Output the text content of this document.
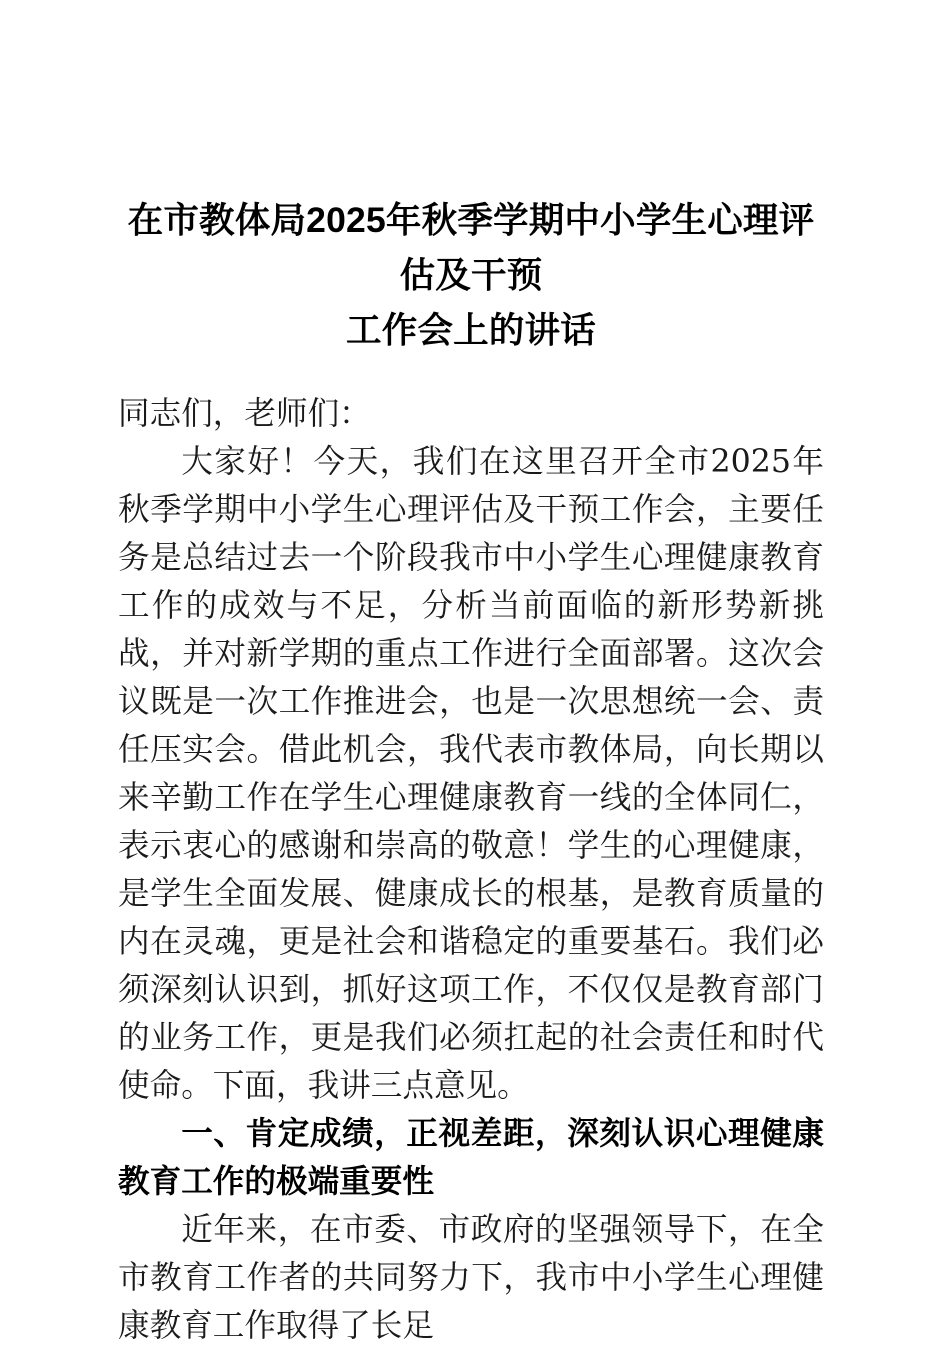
在市教体局2025年秋季学期中小学生心理评估及干预
工作会上的讲话

同志们，老师们：

大家好！今天，我们在这里召开全市2025年秋季学期中小学生心理评估及干预工作会，主要任务是总结过去一个阶段我市中小学生心理健康教育工作的成效与不足，分析当前面临的新形势新挑战，并对新学期的重点工作进行全面部署。这次会议既是一次工作推进会，也是一次思想统一会、责任压实会。借此机会，我代表市教体局，向长期以来辛勤工作在学生心理健康教育一线的全体同仁，表示衷心的感谢和崇高的敬意！学生的心理健康，是学生全面发展、健康成长的根基，是教育质量的内在灵魂，更是社会和谐稳定的重要基石。我们必须深刻认识到，抓好这项工作，不仅仅是教育部门的业务工作，更是我们必须扛起的社会责任和时代使命。下面，我讲三点意见。

一、肯定成绩，正视差距，深刻认识心理健康教育工作的极端重要性

近年来，在市委、市政府的坚强领导下，在全市教育工作者的共同努力下，我市中小学生心理健康教育工作取得了长足
